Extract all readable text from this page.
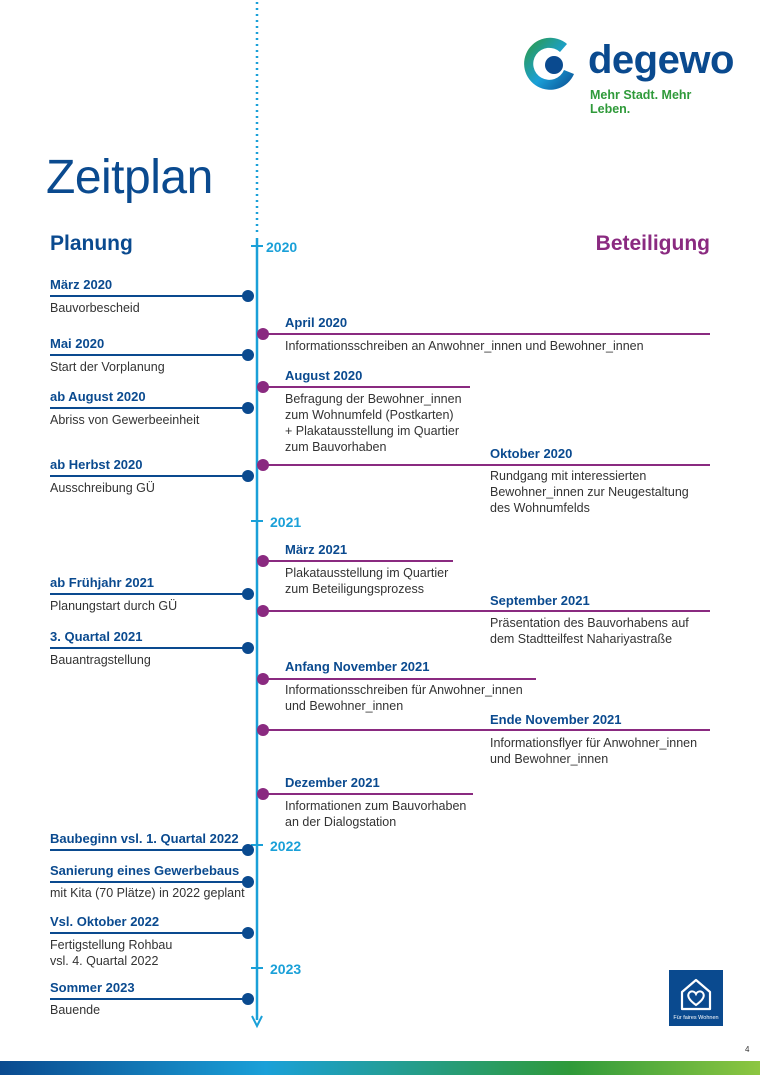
degewo
Mehr Stadt. Mehr Leben.
Zeitplan
Planung	Beteiligung
2020
2021
2022
2023
März 2020
Bauvorbescheid
Mai 2020
Start der Vorplanung
ab August 2020
Abriss von Gewerbeeinheit
ab Herbst 2020
Ausschreibung GÜ
ab Frühjahr 2021
Planungstart durch GÜ
3. Quartal 2021
Bauantragstellung
Baubeginn vsl. 1. Quartal 2022
Sanierung eines Gewerbebaus
mit Kita (70 Plätze) in 2022 geplant
Vsl. Oktober 2022
Fertigstellung Rohbau
vsl. 4. Quartal 2022
Sommer 2023
Bauende
April 2020
Informationsschreiben an Anwohner_innen und Bewohner_innen
August 2020
Befragung der Bewohner_innen
zum Wohnumfeld (Postkarten)
+ Plakatausstellung im Quartier
zum Bauvorhaben	Oktober 2020
Rundgang mit interessierten
Bewohner_innen zur Neugestaltung
des Wohnumfelds
März 2021
Plakatausstellung im Quartier
zum Beteiligungsprozess
September 2021
Präsentation des Bauvorhabens auf
dem Stadtteilfest Nahariyastraße
Anfang November 2021
Informationsschreiben für Anwohner_innen
und Bewohner_innen
Ende November 2021
Informationsflyer für Anwohner_innen
und Bewohner_innen
Dezember 2021
Informationen zum Bauvorhaben
an der Dialogstation
Für faires Wohnen
4
